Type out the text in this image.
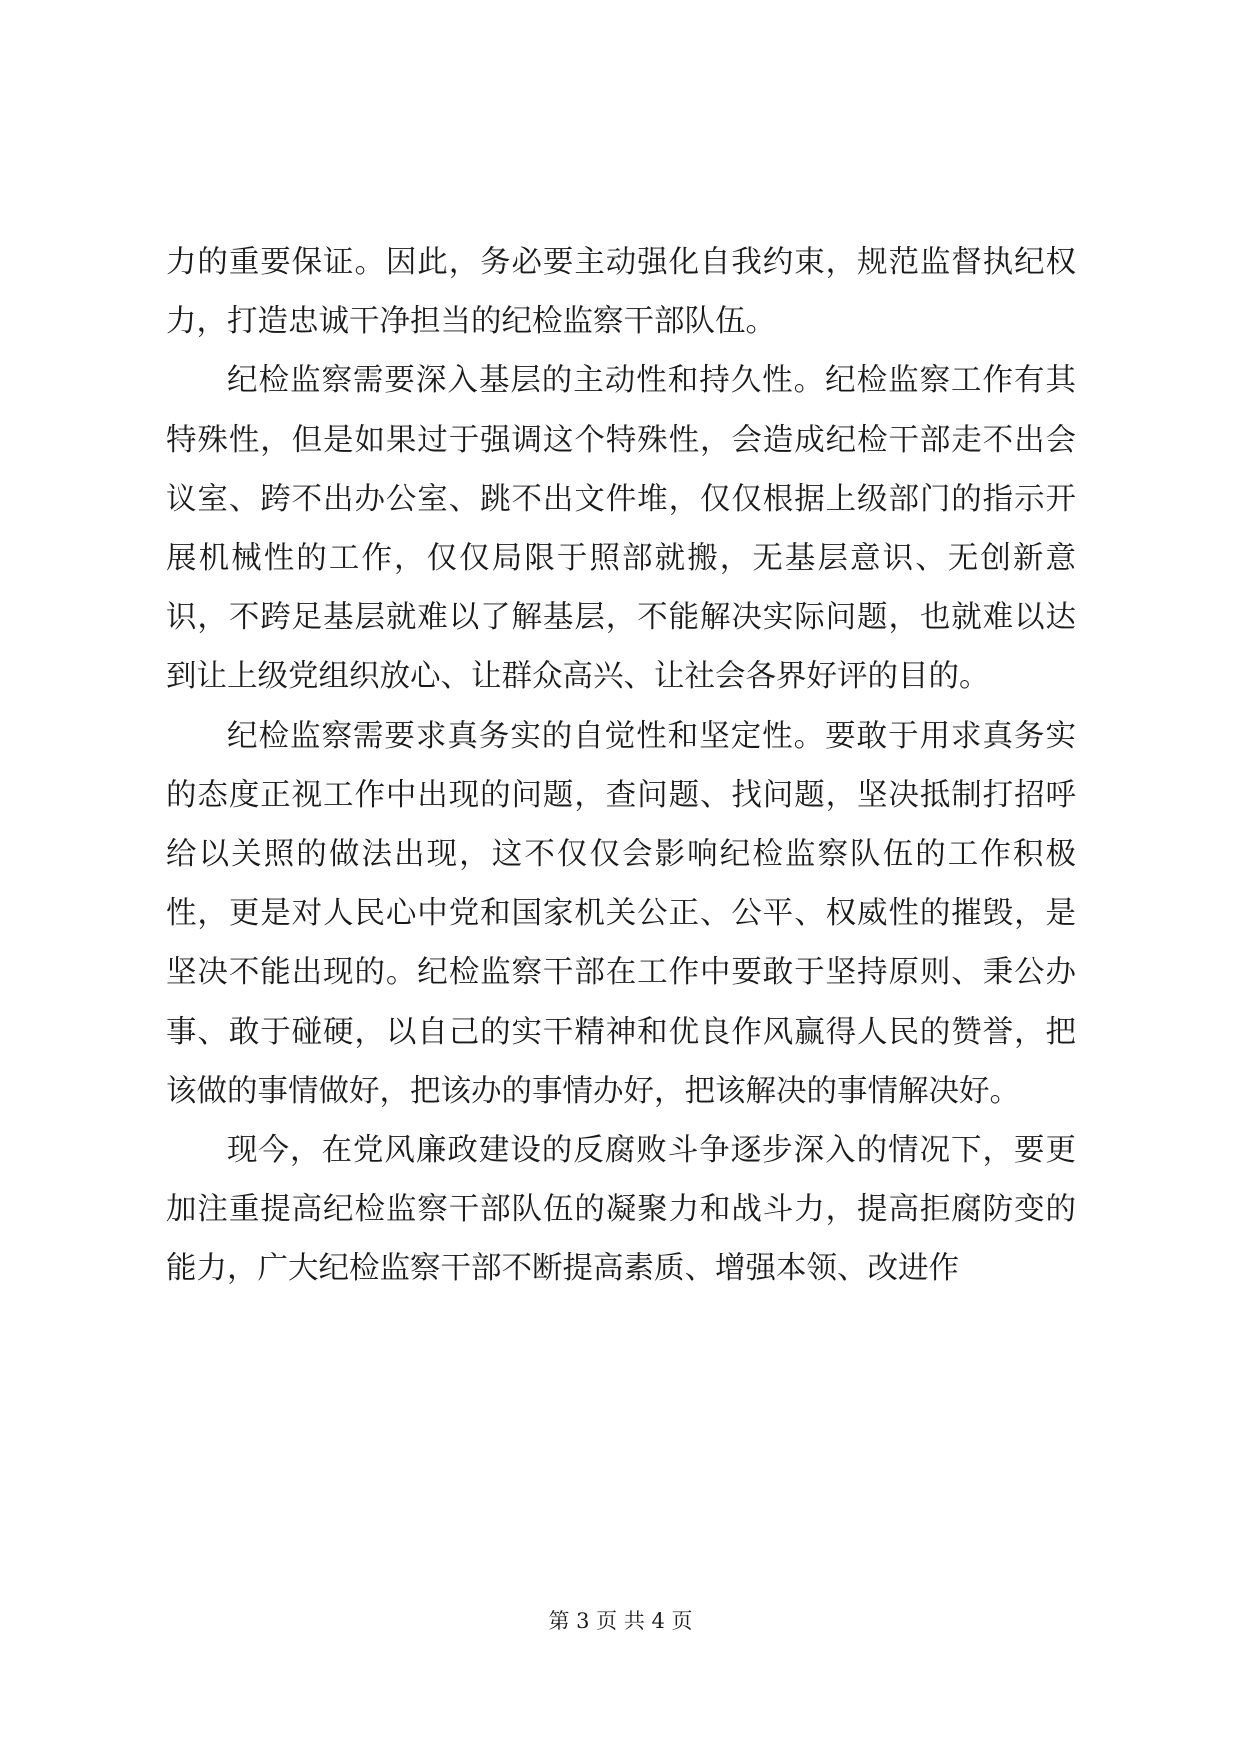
力的重要保证。因此，务必要主动强化自我约束，规范监督执纪权力，打造忠诚干净担当的纪检监察干部队伍。

纪检监察需要深入基层的主动性和持久性。纪检监察工作有其特殊性，但是如果过于强调这个特殊性，会造成纪检干部走不出会议室、跨不出办公室、跳不出文件堆，仅仅根据上级部门的指示开展机械性的工作，仅仅局限于照部就搬，无基层意识、无创新意识，不跨足基层就难以了解基层，不能解决实际问题，也就难以达到让上级党组织放心、让群众高兴、让社会各界好评的目的。

纪检监察需要求真务实的自觉性和坚定性。要敢于用求真务实的态度正视工作中出现的问题，查问题、找问题，坚决抵制打招呼给以关照的做法出现，这不仅仅会影响纪检监察队伍的工作积极性，更是对人民心中党和国家机关公正、公平、权威性的摧毁，是坚决不能出现的。纪检监察干部在工作中要敢于坚持原则、秉公办事、敢于碰硬，以自己的实干精神和优良作风赢得人民的赞誉，把该做的事情做好，把该办的事情办好，把该解决的事情解决好。

现今，在党风廉政建设的反腐败斗争逐步深入的情况下，要更加注重提高纪检监察干部队伍的凝聚力和战斗力，提高拒腐防变的能力，广大纪检监察干部不断提高素质、增强本领、改进作

第 3 页 共 4 页
